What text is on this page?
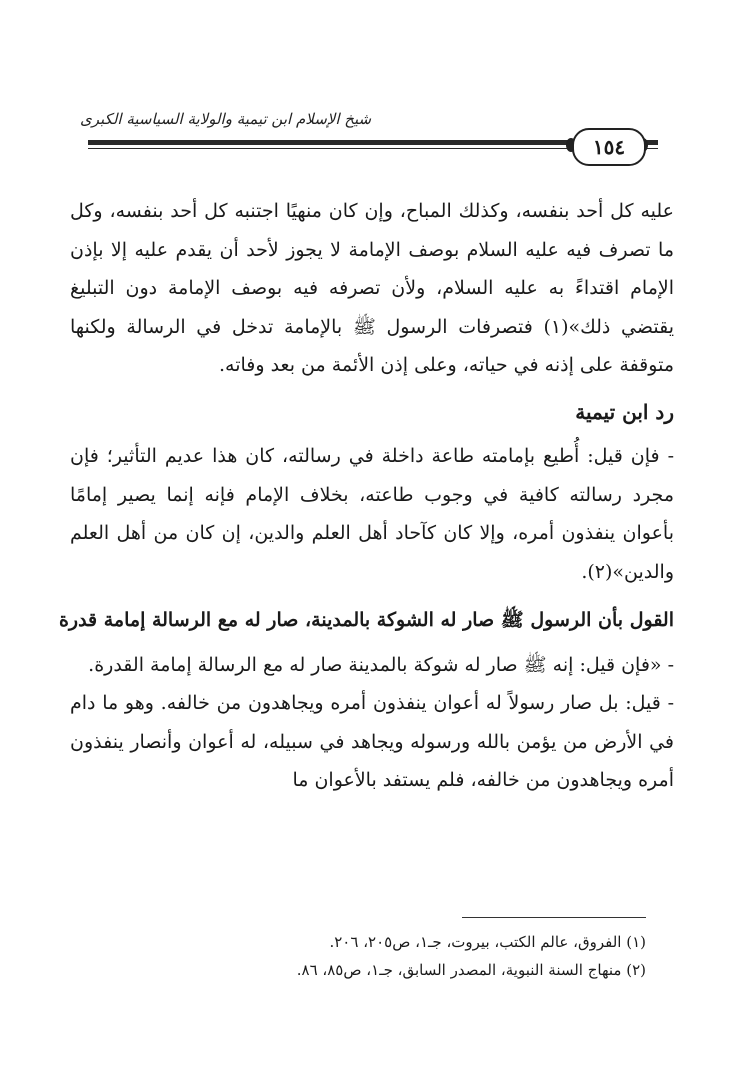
شيخ الإسلام ابن تيمية والولاية السياسية الكبرى
١٥٤

عليه كل أحد بنفسه، وكذلك المباح، وإن كان منهيًا اجتنبه كل أحد بنفسه، وكل ما تصرف فيه عليه السلام بوصف الإمامة لا يجوز لأحد أن يقدم عليه إلا بإذن الإمام اقتداءً به عليه السلام، ولأن تصرفه فيه بوصف الإمامة دون التبليغ يقتضي ذلك»(١) فتصرفات الرسول ﷺ بالإمامة تدخل في الرسالة ولكنها متوقفة على إذنه في حياته، وعلى إذن الأئمة من بعد وفاته.

رد ابن تيمية

- فإن قيل: أُطيع بإمامته طاعة داخلة في رسالته، كان هذا عديم التأثير؛ فإن مجرد رسالته كافية في وجوب طاعته، بخلاف الإمام فإنه إنما يصير إمامًا بأعوان ينفذون أمره، وإلا كان كآحاد أهل العلم والدين، إن كان من أهل العلم والدين»(٢).

القول بأن الرسول ﷺ صار له الشوكة بالمدينة، صار له مع الرسالة إمامة قدرة

- «فإن قيل: إنه ﷺ صار له شوكة بالمدينة صار له مع الرسالة إمامة القدرة.

- قيل: بل صار رسولاً له أعوان ينفذون أمره ويجاهدون من خالفه. وهو ما دام في الأرض من يؤمن بالله ورسوله ويجاهد في سبيله، له أعوان وأنصار ينفذون أمره ويجاهدون من خالفه، فلم يستفد بالأعوان ما

(١) الفروق، عالم الكتب، بيروت، جـ١، ص٢٠٥، ٢٠٦.
(٢) منهاج السنة النبوية، المصدر السابق، جـ١، ص٨٥، ٨٦.
